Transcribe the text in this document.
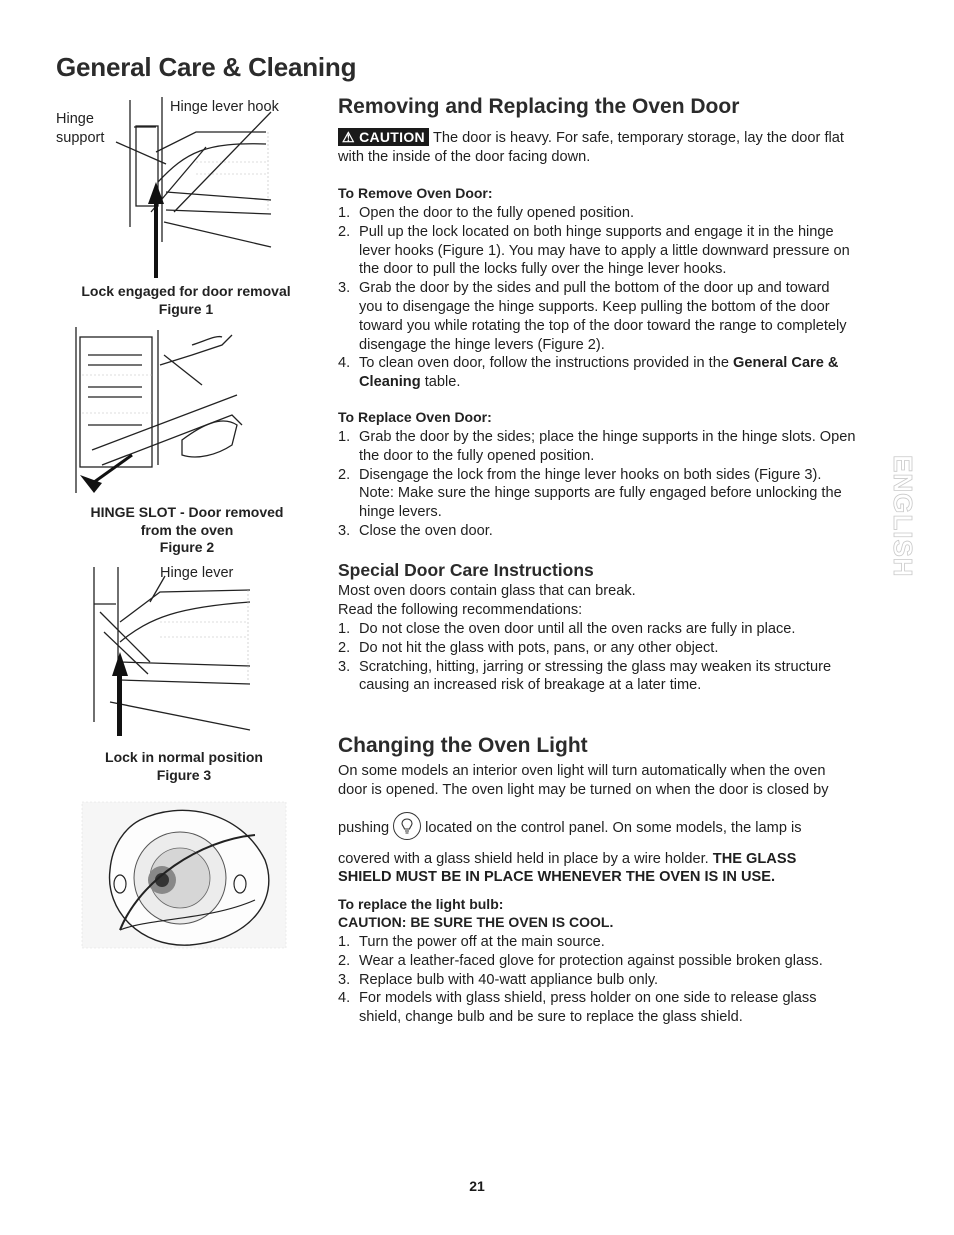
General Care & Cleaning
Hinge support
Hinge lever hook
Lock engaged for door removal
Figure 1
HINGE SLOT - Door removed
from the oven
Figure 2
Hinge lever
Lock in normal position
Figure 3
Removing and Replacing the Oven Door
⚠ CAUTION The door is heavy. For safe, temporary storage, lay the door flat
with the inside of the door facing down.
To Remove Oven Door:
1. Open the door to the fully opened position.
2. Pull up the lock located on both hinge supports and engage it in the hinge
lever hooks (Figure 1). You may have to apply a little downward pressure on
the door to pull the locks fully over the hinge lever hooks.
3. Grab the door by the sides and pull the bottom of the door up and toward
you to disengage the hinge supports. Keep pulling the bottom of the door
toward you while rotating the top of the door toward the range to completely
disengage the hinge levers (Figure 2).
4. To clean oven door, follow the instructions provided in the General Care &
Cleaning table.
To Replace Oven Door:
1. Grab the door by the sides; place the hinge supports in the hinge slots. Open
the door to the fully opened position.
2. Disengage the lock from the hinge lever hooks on both sides (Figure 3).
Note: Make sure the hinge supports are fully engaged before unlocking the
hinge levers.
3. Close the oven door.
Special Door Care Instructions
Most oven doors contain glass that can break.
Read the following recommendations:
1. Do not close the oven door until all the oven racks are fully in place.
2. Do not hit the glass with pots, pans, or any other object.
3. Scratching, hitting, jarring or stressing the glass may weaken its structure
causing an increased risk of breakage at a later time.
Changing the Oven Light
On some models an interior oven light will turn automatically when the oven
door is opened. The oven light may be turned on when the door is closed by
pushing located on the control panel. On some models, the lamp is
covered with a glass shield held in place by a wire holder. THE GLASS
SHIELD MUST BE IN PLACE WHENEVER THE OVEN IS IN USE.
To replace the light bulb:
CAUTION: BE SURE THE OVEN IS COOL.
1. Turn the power off at the main source.
2. Wear a leather-faced glove for protection against possible broken glass.
3. Replace bulb with 40-watt appliance bulb only.
4. For models with glass shield, press holder on one side to release glass
shield, change bulb and be sure to replace the glass shield.
ENGLISH
21
